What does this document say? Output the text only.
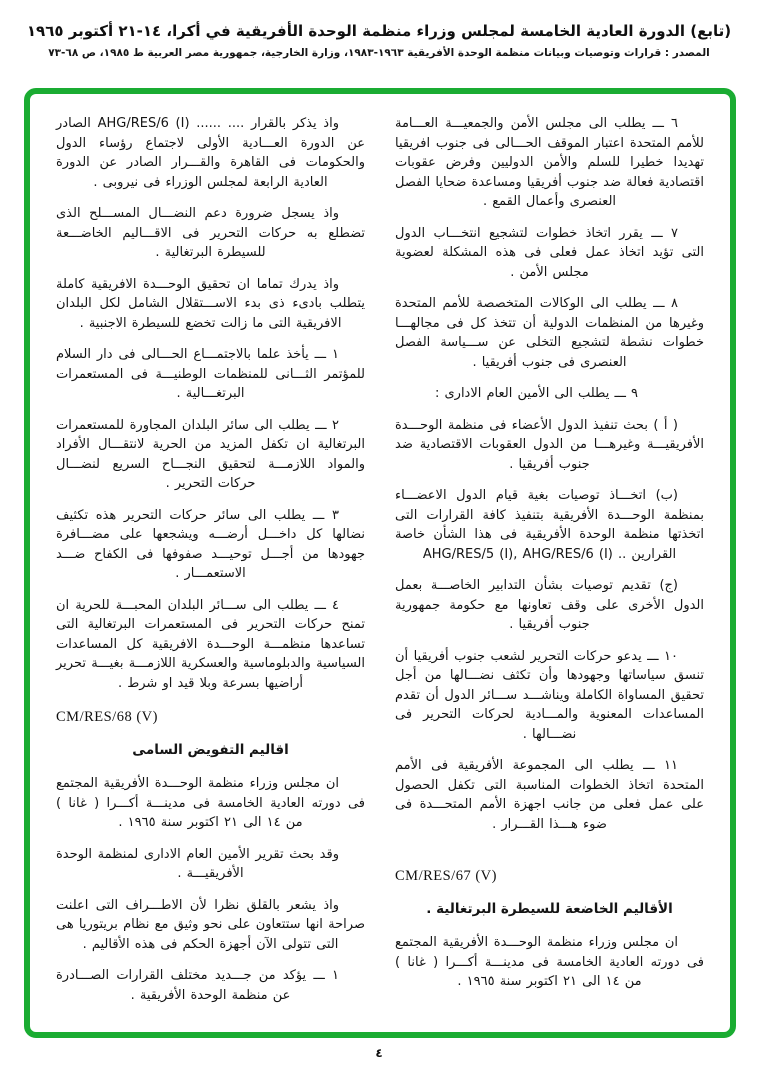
(تابع) الدورة العادية الخامسة لمجلس وزراء منظمة الوحدة الأفريقية في أكرا، ١٤-٢١ أكتوبر ١٩٦٥
المصدر : قرارات وتوصيات وبيانات منظمة الوحدة الأفريقية ١٩٦٣-١٩٨٣، وزارة الخارجية، جمهورية مصر العربية ط ١٩٨٥، ص ٦٨-٧٣

٦ ـــ يطلب الى مجلس الأمن والجمعيـــة العـــامة للأمم المتحدة اعتبار الموقف الحـــالى فى جنوب افريقيا تهديدا خطيرا للسلم والأمن الدوليين وفرض عقوبات اقتصادية فعالة ضد جنوب أفريقيا ومساعدة ضحايا الفصل العنصرى وأعمال القمع .

٧ ـــ يقرر اتخاذ خطوات لتشجيع انتخـــاب الدول التى تؤيد اتخاذ عمل فعلى فى هذه المشكلة لعضوية مجلس الأمن .

٨ ـــ يطلب الى الوكالات المتخصصة للأمم المتحدة وغيرها من المنظمات الدولية أن تتخذ كل فى مجالهـــا خطوات نشطة لتشجيع التخلى عن ســـياسة الفصل العنصرى فى جنوب أفريقيا .

٩ ـــ يطلب الى الأمين العام الادارى :

( أ ) بحث تنفيذ الدول الأعضاء فى منظمة الوحـــدة الأفريقيـــة وغيرهـــا من الدول العقوبات الاقتصادية ضد جنوب أفريقيا .

(ب) اتخـــاذ توصيات بغية قيام الدول الاعضـــاء بمنظمة الوحـــدة الأفريقية بتنفيذ كافة القرارات التى اتخذتها منظمة الوحدة الأفريقية فى هذا الشأن خاصة القرارين .. AHG/RES/5 (I), AHG/RES/6 (I)‎

(ج) تقديم توصيات بشأن التدابير الخاصـــة بعمل الدول الأخرى على وقف تعاونها مع حكومة جمهورية جنوب أفريقيا .

١٠ ـــ يدعو حركات التحرير لشعب جنوب أفريقيا أن تنسق سياساتها وجهودها وأن تكثف نضـــالها من أجل تحقيق المساواة الكاملة ويناشـــد ســـائر الدول أن تقدم المساعدات المعنوية والمـــادية لحركات التحرير فى نضـــالها .

١١ ـــ يطلب الى المجموعة الأفريقية فى الأمم المتحدة اتخاذ الخطوات المناسبة التى تكفل الحصول على عمل فعلى من جانب اجهزة الأمم المتحـــدة فى ضوء هـــذا القـــرار .

CM/RES/67 (V)
الأقاليم الخاضعة للسيطرة البرتغالية .

ان مجلس وزراء منظمة الوحـــدة الأفريقية المجتمع فى دورته العادية الخامسة فى مدينـــة أكـــرا ( غانا ) من ١٤ الى ٢١ اكتوبر سنة ١٩٦٥ .

واذ يذكر بالقرار .... ...... AHG/RES/6 (I)‎ الصادر عن الدورة العـــادية الأولى لاجتماع رؤساء الدول والحكومات فى القاهرة والقـــرار الصادر عن الدورة العادية الرابعة لمجلس الوزراء فى نيروبى .

واذ يسجل ضرورة دعم النضـــال المســـلح الذى تضطلع به حركات التحرير فى الاقـــاليم الخاضـــعة للسيطرة البرتغالية .

واذ يدرك تماما ان تحقيق الوحـــدة الافريقية كاملة يتطلب بادىء ذى بدء الاســـتقلال الشامل لكل البلدان الافريقية التى ما زالت تخضع للسيطرة الاجنبية .

١ ـــ يأخذ علما بالاجتمـــاع الحـــالى فى دار السلام للمؤتمر الثـــانى للمنظمات الوطنيـــة فى المستعمرات البرتغـــالية .

٢ ـــ يطلب الى سائر البلدان المجاورة للمستعمرات البرتغالية ان تكفل المزيد من الحرية لانتقـــال الأفراد والمواد اللازمـــة لتحقيق النجـــاح السريع لنضـــال حركات التحرير .

٣ ـــ يطلب الى سائر حركات التحرير هذه تكثيف نضالها كل داخـــل أرضـــه ويشجعها على مضـــافرة جهودها من أجـــل توحيـــد صفوفها فى الكفاح ضـــد الاستعمـــار .

٤ ـــ يطلب الى ســـائر البلدان المحبـــة للحرية ان تمنح حركات التحرير فى المستعمرات البرتغالية التى تساعدها منظمـــة الوحـــدة الافريقية كل المساعدات السياسية والدبلوماسية والعسكرية اللازمـــة بغيـــة تحرير أراضيها بسرعة وبلا قيد او شرط .

CM/RES/68 (V)
اقاليم التفويض السامى

ان مجلس وزراء منظمة الوحـــدة الأفريقية المجتمع فى دورته العادية الخامسة فى مدينـــة أكـــرا ( غانا ) من ١٤ الى ٢١ اكتوبر سنة ١٩٦٥ .

وقد بحث تقرير الأمين العام الادارى لمنظمة الوحدة الأفريقيـــة .

واذ يشعر بالقلق نظرا لأن الاطـــراف التى اعلنت صراحة انها ستتعاون على نحو وثيق مع نظام بريتوريا هى التى تتولى الآن أجهزة الحكم فى هذه الأقاليم .

١ ـــ يؤكد من جـــديد مختلف القرارات الصـــادرة عن منظمة الوحدة الأفريقية .

٤
